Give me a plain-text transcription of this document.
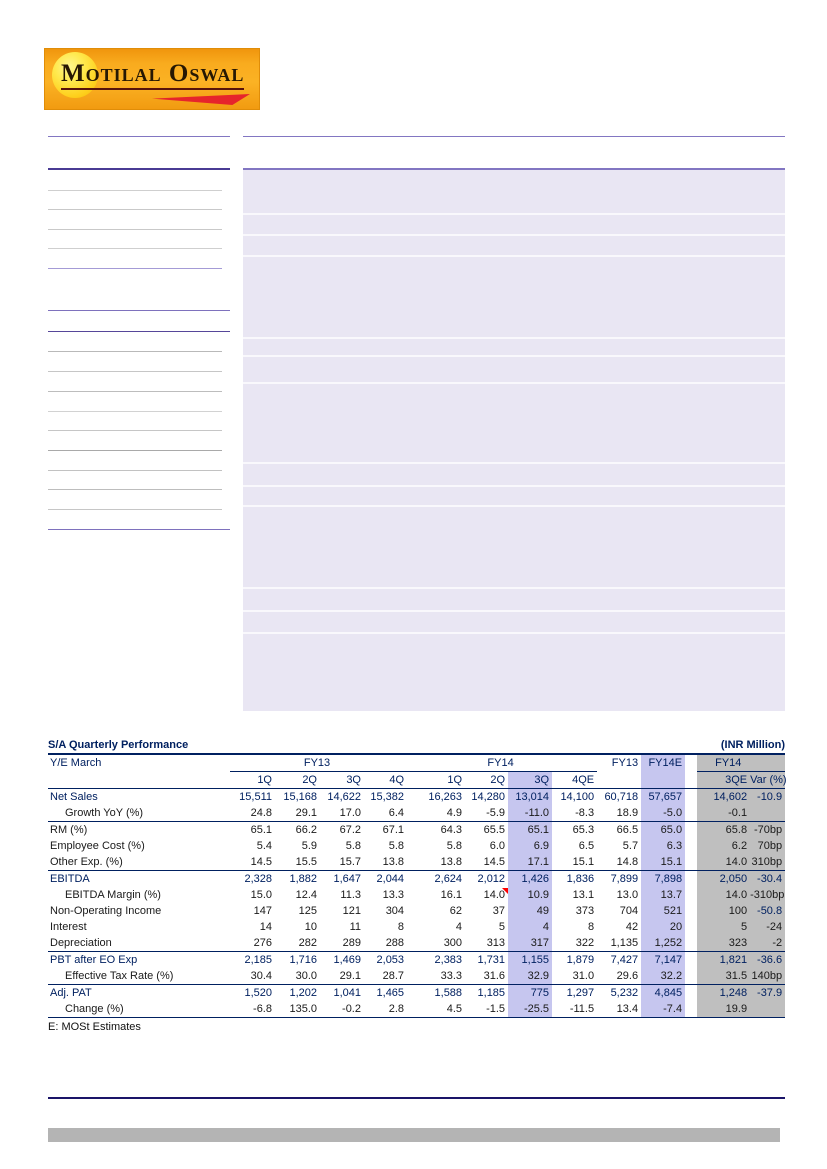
Motilal Oswal
S/A Quarterly Performance	(INR Million)
Y/E March	FY13				FY14				FY13	FY14E		FY14	
	1Q	2Q	3Q	4Q	1Q	2Q	3Q	4QE				3QE	Var (%)
Net Sales	15,511	15,168	14,622	15,382	16,263	14,280	13,014	14,100	60,718	57,657		14,602	-10.9
Growth YoY (%)	24.8	29.1	17.0	6.4	4.9	-5.9	-11.0	-8.3	18.9	-5.0		-0.1	
RM (%)	65.1	66.2	67.2	67.1	64.3	65.5	65.1	65.3	66.5	65.0		65.8	-70bp
Employee Cost (%)	5.4	5.9	5.8	5.8	5.8	6.0	6.9	6.5	5.7	6.3		6.2	70bp
Other Exp. (%)	14.5	15.5	15.7	13.8	13.8	14.5	17.1	15.1	14.8	15.1		14.0	310bp
EBITDA	2,328	1,882	1,647	2,044	2,624	2,012	1,426	1,836	7,899	7,898		2,050	-30.4
EBITDA Margin (%)	15.0	12.4	11.3	13.3	16.1	14.0	10.9	13.1	13.0	13.7		14.0	-310bp
Non-Operating Income	147	125	121	304	62	37	49	373	704	521		100	-50.8
Interest	14	10	11	8	4	5	4	8	42	20		5	-24
Depreciation	276	282	289	288	300	313	317	322	1,135	1,252		323	-2
PBT after EO Exp	2,185	1,716	1,469	2,053	2,383	1,731	1,155	1,879	7,427	7,147		1,821	-36.6
Effective Tax Rate (%)	30.4	30.0	29.1	28.7	33.3	31.6	32.9	31.0	29.6	32.2		31.5	140bp
Adj. PAT	1,520	1,202	1,041	1,465	1,588	1,185	775	1,297	5,232	4,845		1,248	-37.9
Change (%)	-6.8	135.0	-0.2	2.8	4.5	-1.5	-25.5	-11.5	13.4	-7.4		19.9	
E: MOSt Estimates
